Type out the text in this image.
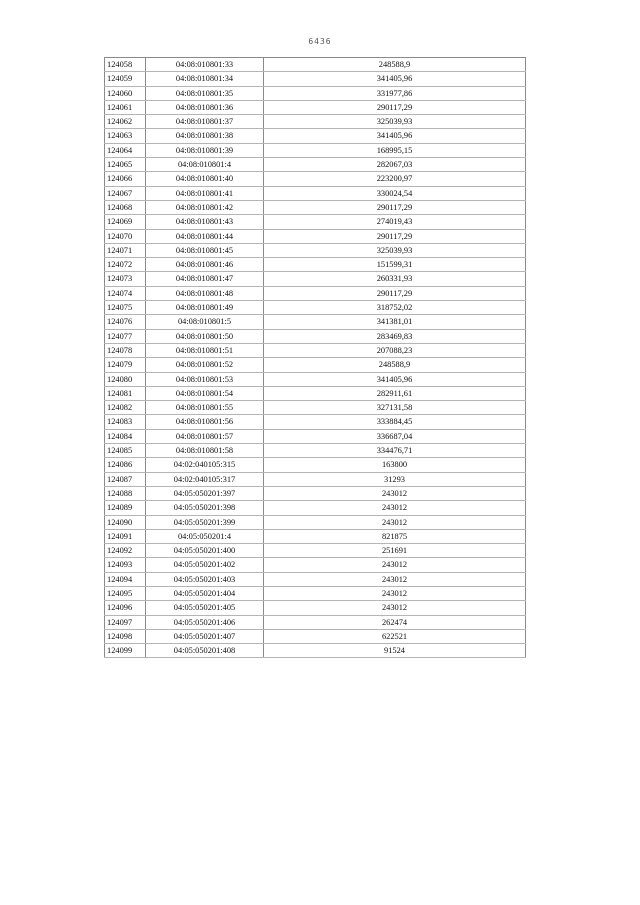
6436
124058	04:08:010801:33	248588,9
124059	04:08:010801:34	341405,96
124060	04:08:010801:35	331977,86
124061	04:08:010801:36	290117,29
124062	04:08:010801:37	325039,93
124063	04:08:010801:38	341405,96
124064	04:08:010801:39	168995,15
124065	04:08:010801:4	282067,03
124066	04:08:010801:40	223200,97
124067	04:08:010801:41	330024,54
124068	04:08:010801:42	290117,29
124069	04:08:010801:43	274019,43
124070	04:08:010801:44	290117,29
124071	04:08:010801:45	325039,93
124072	04:08:010801:46	151599,31
124073	04:08:010801:47	260331,93
124074	04:08:010801:48	290117,29
124075	04:08:010801:49	318752,02
124076	04:08:010801:5	341381,01
124077	04:08:010801:50	283469,83
124078	04:08:010801:51	207088,23
124079	04:08:010801:52	248588,9
124080	04:08:010801:53	341405,96
124081	04:08:010801:54	282911,61
124082	04:08:010801:55	327131,58
124083	04:08:010801:56	333884,45
124084	04:08:010801:57	336687,04
124085	04:08:010801:58	334476,71
124086	04:02:040105:315	163800
124087	04:02:040105:317	31293
124088	04:05:050201:397	243012
124089	04:05:050201:398	243012
124090	04:05:050201:399	243012
124091	04:05:050201:4	821875
124092	04:05:050201:400	251691
124093	04:05:050201:402	243012
124094	04:05:050201:403	243012
124095	04:05:050201:404	243012
124096	04:05:050201:405	243012
124097	04:05:050201:406	262474
124098	04:05:050201:407	622521
124099	04:05:050201:408	91524
